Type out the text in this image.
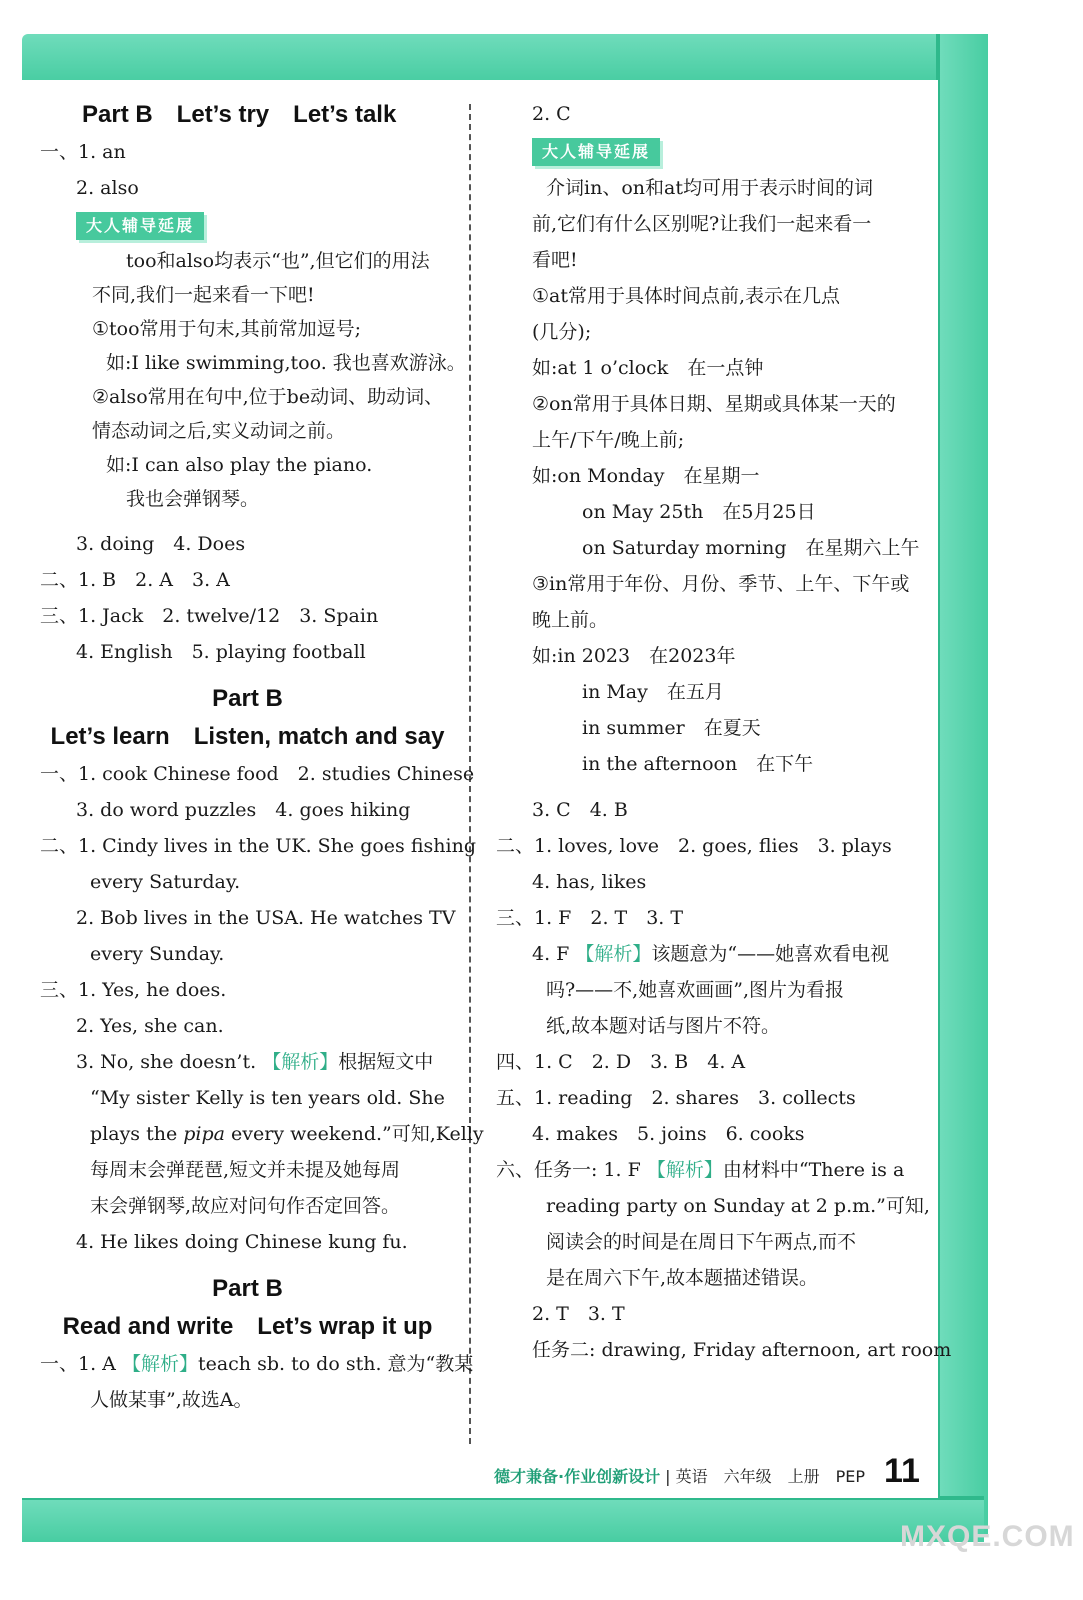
Part B　Let’s try　Let’s talk

一、1. an

2. also

大人辅导延展

too和also均表示“也”,但它们的用法

不同,我们一起来看一下吧!

①too常用于句末,其前常加逗号;

如:I like swimming,too. 我也喜欢游泳。

②also常用在句中,位于be动词、助动词、

情态动词之后,实义动词之前。

如:I can also play the piano.

我也会弹钢琴。

3. doing　4. Does

二、1. B　2. A　3. A

三、1. Jack　2. twelve/12　3. Spain

4. English　5. playing football

Part B

Let’s learn　Listen, match and say

一、1. cook Chinese food　2. studies Chinese

3. do word puzzles　4. goes hiking

二、1. Cindy lives in the UK. She goes fishing

every Saturday.

2. Bob lives in the USA. He watches TV

every Sunday.

三、1. Yes, he does.

2. Yes, she can.

3. No, she doesn’t. 【解析】根据短文中

“My sister Kelly is ten years old. She

plays the pipa every weekend.”可知,Kelly

每周末会弹琵琶,短文并未提及她每周

末会弹钢琴,故应对问句作否定回答。

4. He likes doing Chinese kung fu.

Part B

Read and write　Let’s wrap it up

一、1. A 【解析】teach sb. to do sth. 意为“教某

人做某事”,故选A。

2. C

大人辅导延展

介词in、on和at均可用于表示时间的词

前,它们有什么区别呢?让我们一起来看一

看吧!

①at常用于具体时间点前,表示在几点

(几分);

如:at 1 o’clock　在一点钟

②on常用于具体日期、星期或具体某一天的

上午/下午/晚上前;

如:on Monday　在星期一

on May 25th　在5月25日

on Saturday morning　在星期六上午

③in常用于年份、月份、季节、上午、下午或

晚上前。

如:in 2023　在2023年

in May　在五月

in summer　在夏天

in the afternoon　在下午

3. C　4. B

二、1. loves, love　2. goes, flies　3. plays

4. has, likes

三、1. F　2. T　3. T

4. F 【解析】该题意为“——她喜欢看电视

吗?——不,她喜欢画画”,图片为看报

纸,故本题对话与图片不符。

四、1. C　2. D　3. B　4. A

五、1. reading　2. shares　3. collects

4. makes　5. joins　6. cooks

六、任务一: 1. F 【解析】由材料中“There is a

reading party on Sunday at 2 p.m.”可知,

阅读会的时间是在周日下午两点,而不

是在周六下午,故本题描述错误。

2. T　3. T

任务二: drawing, Friday afternoon, art room

德才兼备·作业创新设计 | 英语　六年级　上册　PEP 11
MXQE.COM
